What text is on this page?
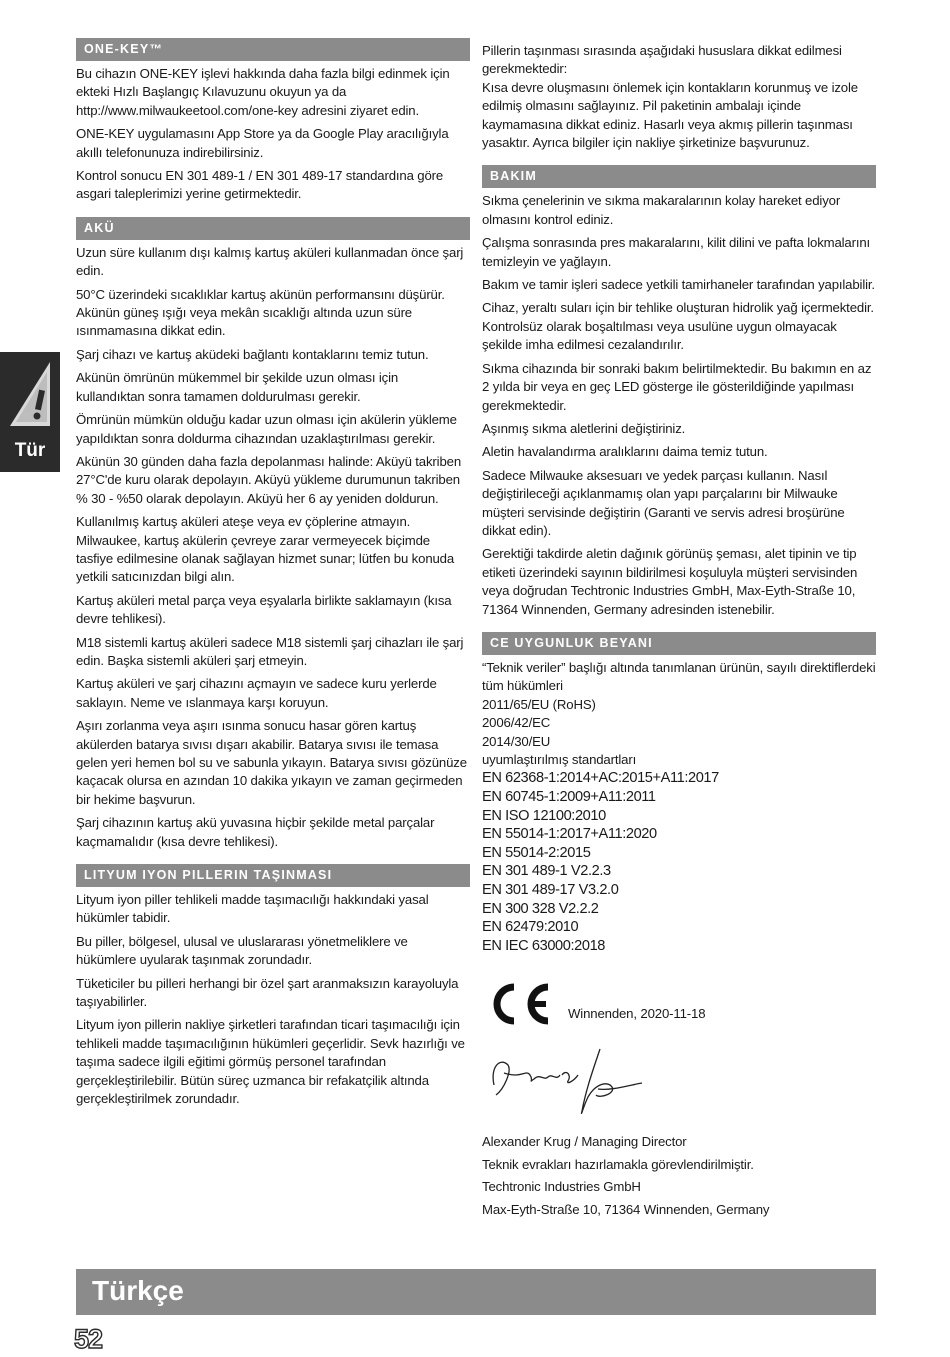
Tür
ONE-KEY™

Bu cihazın ONE-KEY işlevi hakkında daha fazla bilgi edinmek için ekteki Hızlı Başlangıç Kılavuzunu okuyun ya da http://www.milwaukeetool.com/one-key adresini ziyaret edin.

ONE-KEY uygulamasını App Store ya da Google Play aracılığıyla akıllı telefonunuza indirebilirsiniz.

Kontrol sonucu EN 301 489-1 / EN 301 489-17 standardına göre asgari taleplerimizi yerine getirmektedir.

AKÜ

Uzun süre kullanım dışı kalmış kartuş aküleri kullanmadan önce şarj edin.

50°C üzerindeki sıcaklıklar kartuş akünün performansını düşürür. Akünün güneş ışığı veya mekân sıcaklığı altında uzun süre ısınmamasına dikkat edin.

Şarj cihazı ve kartuş aküdeki bağlantı kontaklarını temiz tutun.

Akünün ömrünün mükemmel bir şekilde uzun olması için kullandıktan sonra tamamen doldurulması gerekir.

Ömrünün mümkün olduğu kadar uzun olması için akülerin yükleme yapıldıktan sonra doldurma cihazından uzaklaştırılması gerekir.

Akünün 30 günden daha fazla depolanması halinde: Aküyü takriben 27°C'de kuru olarak depolayın. Aküyü yükleme durumunun takriben % 30 - %50 olarak depolayın. Aküyü her 6 ay yeniden doldurun.

Kullanılmış kartuş aküleri ateşe veya ev çöplerine atmayın. Milwaukee, kartuş akülerin çevreye zarar vermeyecek biçimde tasfiye edilmesine olanak sağlayan hizmet sunar; lütfen bu konuda yetkili satıcınızdan bilgi alın.

Kartuş aküleri metal parça veya eşyalarla birlikte saklamayın (kısa devre tehlikesi).

M18 sistemli kartuş aküleri sadece M18 sistemli şarj cihazları ile şarj edin. Başka sistemli aküleri şarj etmeyin.

Kartuş aküleri ve şarj cihazını açmayın ve sadece kuru yerlerde saklayın. Neme ve ıslanmaya karşı koruyun.

Aşırı zorlanma veya aşırı ısınma sonucu hasar gören kartuş akülerden batarya sıvısı dışarı akabilir. Batarya sıvısı ile temasa gelen yeri hemen bol su ve sabunla yıkayın. Batarya sıvısı gözünüze kaçacak olursa en azından 10 dakika yıkayın ve zaman geçirmeden bir hekime başvurun.

Şarj cihazının kartuş akü yuvasına hiçbir şekilde metal parçalar kaçmamalıdır (kısa devre tehlikesi).

LITYUM IYON PILLERIN TAŞINMASI

Lityum iyon piller tehlikeli madde taşımacılığı hakkındaki yasal hükümler tabidir.

Bu piller, bölgesel, ulusal ve uluslararası yönetmeliklere ve hükümlere uyularak taşınmak zorundadır.

Tüketiciler bu pilleri herhangi bir özel şart aranmaksızın karayoluyla taşıyabilirler.

Lityum iyon pillerin nakliye şirketleri tarafından ticari taşımacılığı için tehlikeli madde taşımacılığının hükümleri geçerlidir. Sevk hazırlığı ve taşıma sadece ilgili eğitimi görmüş personel tarafından gerçekleştirilebilir. Bütün süreç uzmanca bir refakatçilik altında gerçekleştirilmek zorundadır.

Pillerin taşınması sırasında aşağıdaki hususlara dikkat edilmesi gerekmektedir:
Kısa devre oluşmasını önlemek için kontakların korunmuş ve izole edilmiş olmasını sağlayınız. Pil paketinin ambalajı içinde kaymamasına dikkat ediniz. Hasarlı veya akmış pillerin taşınması yasaktır. Ayrıca bilgiler için nakliye şirketinize başvurunuz.

BAKIM

Sıkma çenelerinin ve sıkma makaralarının kolay hareket ediyor olmasını kontrol ediniz.

Çalışma sonrasında pres makaralarını, kilit dilini ve pafta lokmalarını temizleyin ve yağlayın.

Bakım ve tamir işleri sadece yetkili tamirhaneler tarafından yapılabilir.

Cihaz, yeraltı suları için bir tehlike oluşturan hidrolik yağ içermektedir. Kontrolsüz olarak boşaltılması veya usulüne uygun olmayacak şekilde imha edilmesi cezalandırılır.

Sıkma cihazında bir sonraki bakım belirtilmektedir. Bu bakımın en az 2 yılda bir veya en geç LED gösterge ile gösterildiğinde yapılması gerekmektedir.

Aşınmış sıkma aletlerini değiştiriniz.

Aletin havalandırma aralıklarını daima temiz tutun.

Sadece Milwauke aksesuarı ve yedek parçası kullanın. Nasıl değiştirileceği açıklanmamış olan yapı parçalarını bir Milwauke müşteri servisinde değiştirin (Garanti ve servis adresi broşürüne dikkat edin).

Gerektiği takdirde aletin dağınık görünüş şeması, alet tipinin ve tip etiketi üzerindeki sayının bildirilmesi koşuluyla müşteri servisinden veya doğrudan Techtronic Industries GmbH, Max-Eyth-Straße 10, 71364 Winnenden, Germany adresinden istenebilir.

CE UYGUNLUK BEYANI
“Teknik veriler” başlığı altında tanımlanan ürünün, sayılı direktiflerdeki tüm hükümleri
2011/65/EU (RoHS)
2006/42/EC
2014/30/EU
uyumlaştırılmış standartları
EN 62368-1:2014+AC:2015+A11:2017
EN 60745-1:2009+A11:2011
EN ISO 12100:2010
EN 55014-1:2017+A11:2020
EN 55014-2:2015
EN 301 489-1 V2.2.3
EN 301 489-17 V3.2.0
EN 300 328 V2.2.2
EN 62479:2010
EN IEC 63000:2018
Winnenden, 2020-11-18
Alexander Krug / Managing Director
Teknik evrakları hazırlamakla görevlendirilmiştir.
Techtronic Industries GmbH
Max-Eyth-Straße 10, 71364 Winnenden, Germany
Türkçe
52
